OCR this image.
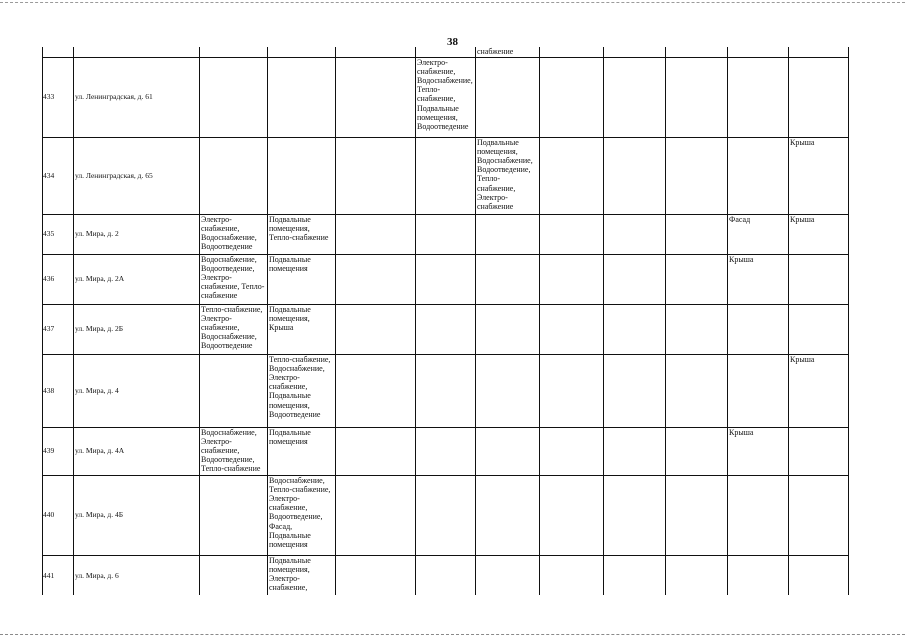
38
						снабжение					
433	ул. Ленинградская, д. 61				Электро-снабжение, Водоснабжение, Тепло-снабжение, Подвальные помещения, Водоотведение						
434	ул. Ленинградская, д. 65					Подвальные помещения, Водоснабжение, Водоотведение, Тепло-снабжение, Электро-снабжение					Крыша
435	ул. Мира, д. 2	Электро-снабжение, Водоснабжение, Водоотведение	Подвальные помещения, Тепло-снабжение							Фасад	Крыша
436	ул. Мира, д. 2А	Водоснабжение, Водоотведение, Электро-снабжение, Тепло-снабжение	Подвальные помещения							Крыша	
437	ул. Мира, д. 2Б	Тепло-снабжение, Электро-снабжение, Водоснабжение, Водоотведение	Подвальные помещения, Крыша								
438	ул. Мира, д. 4		Тепло-снабжение, Водоснабжение, Электро-снабжение, Подвальные помещения, Водоотведение								Крыша
439	ул. Мира, д. 4А	Водоснабжение, Электро-снабжение, Водоотведение, Тепло-снабжение	Подвальные помещения							Крыша	
440	ул. Мира, д. 4Б		Водоснабжение, Тепло-снабжение, Электро-снабжение, Водоотведение, Фасад, Подвальные помещения								
441	ул. Мира, д. 6		Подвальные помещения, Электро-снабжение,								
